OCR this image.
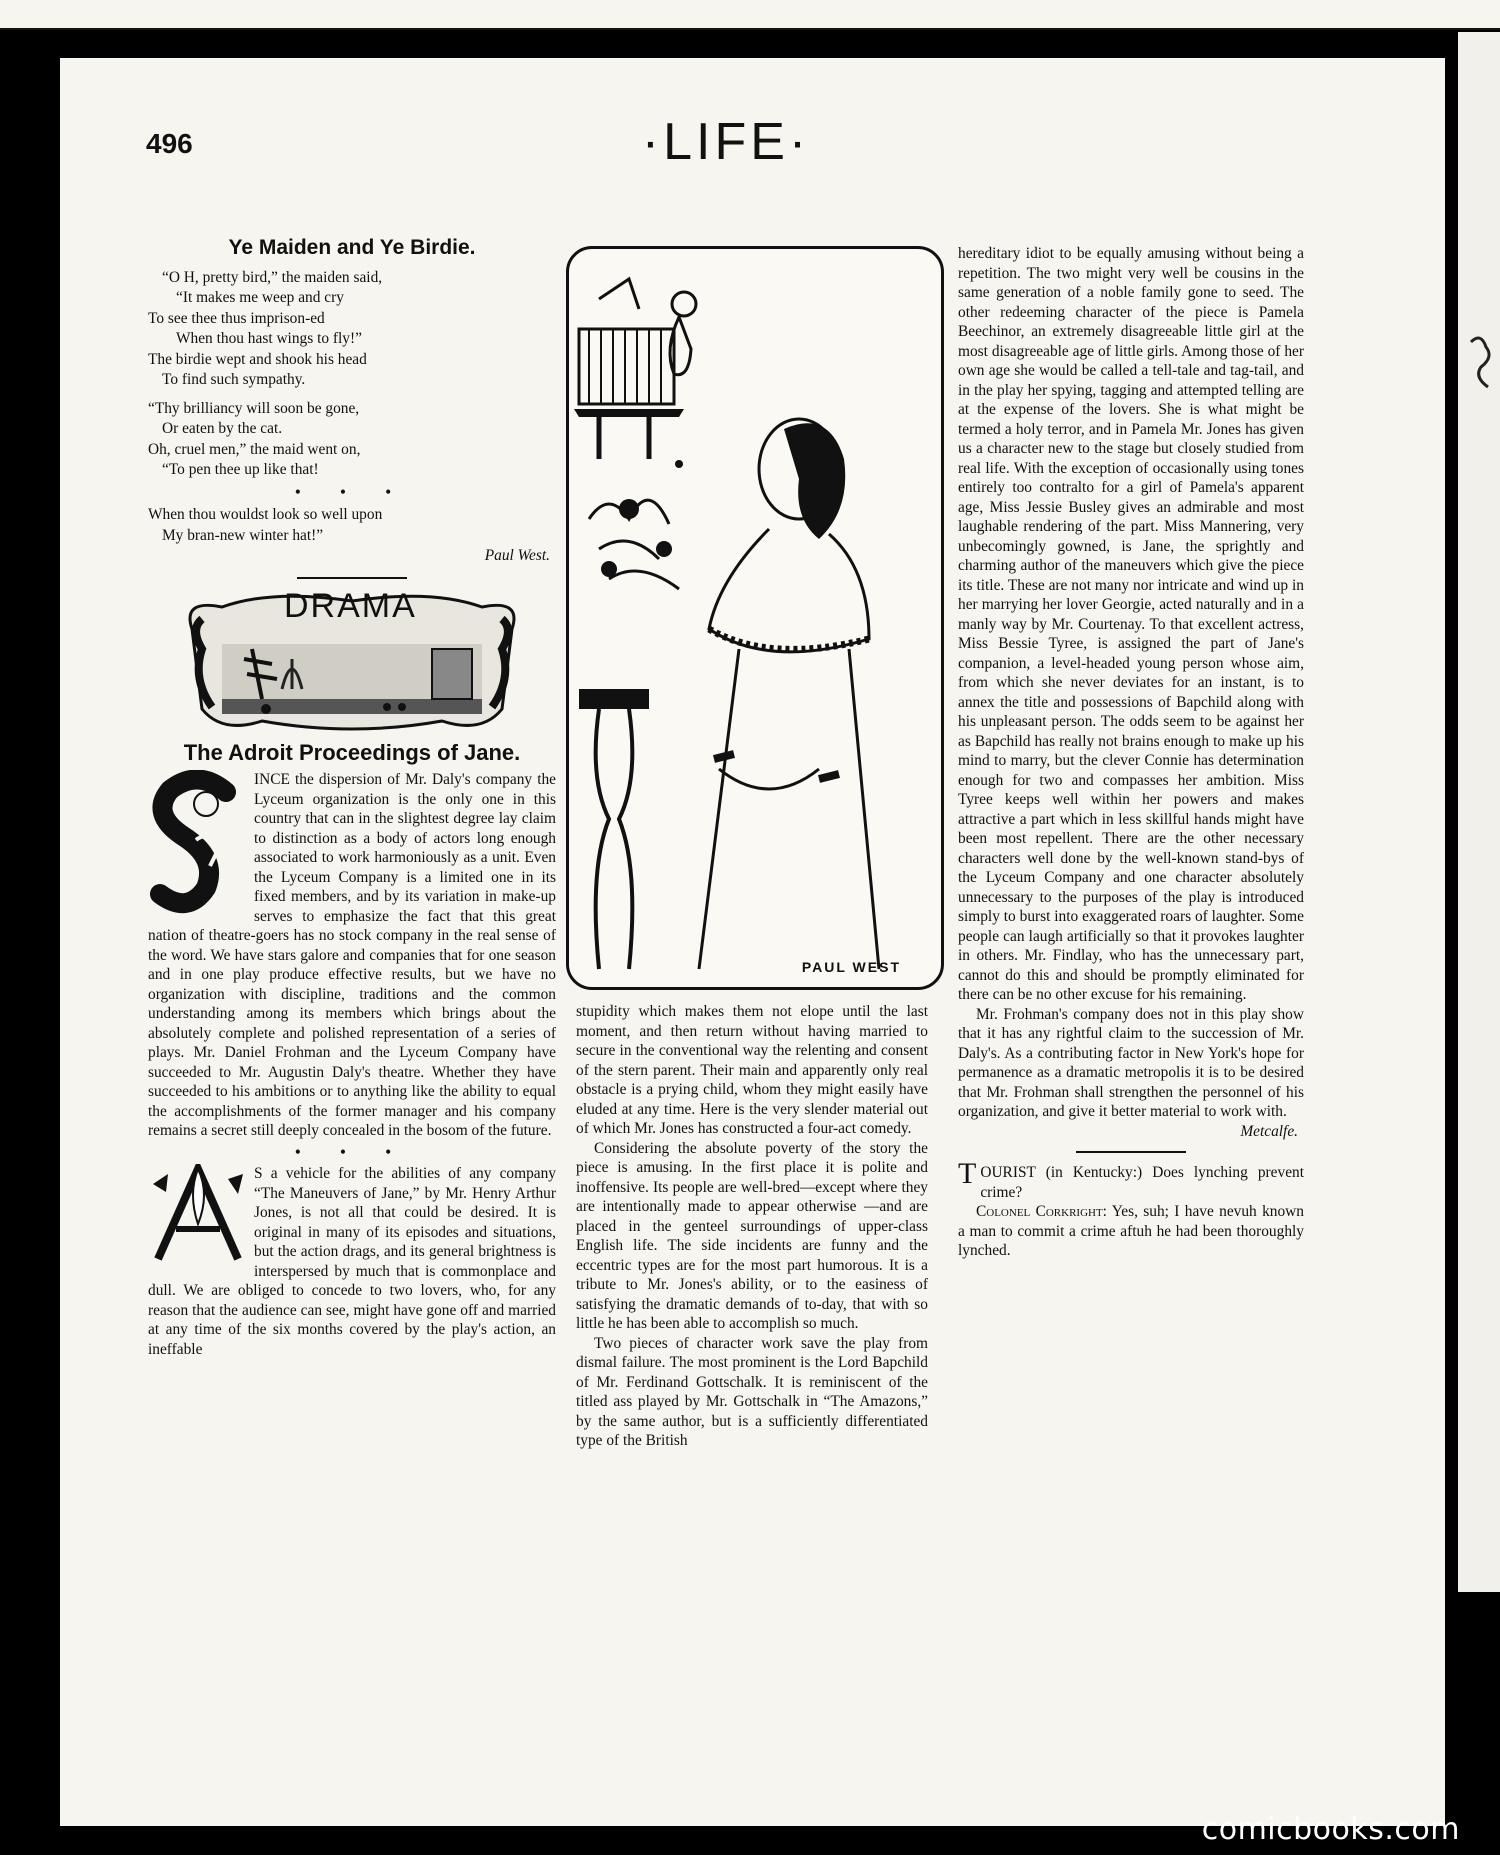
496	·LIFE·
Ye Maiden and Ye Birdie.
“O H, pretty bird,” the maiden said,
“It makes me weep and cry
To see thee thus imprison-ed
When thou hast wings to fly!”
The birdie wept and shook his head
To find such sympathy.
“Thy brilliancy will soon be gone,
Or eaten by the cat.
Oh, cruel men,” the maid went on,
“To pen thee up like that!
• • •
When thou wouldst look so well upon
My bran-new winter hat!”
Paul West.
DRAMA
The Adroit Proceedings of Jane.

INCE the dispersion of Mr. Daly's company the Lyceum organization is the only one in this country that can in the slightest degree lay claim to distinction as a body of actors long enough associated to work harmoniously as a unit. Even the Lyceum Company is a limited one in its fixed members, and by its variation in make-up serves to emphasize the fact that this great nation of theatre-goers has no stock company in the real sense of the word. We have stars galore and companies that for one season and in one play produce effective results, but we have no organization with discipline, traditions and the common understanding among its members which brings about the absolutely complete and polished representation of a series of plays. Mr. Daniel Frohman and the Lyceum Company have succeeded to Mr. Augustin Daly's theatre. Whether they have succeeded to his ambitions or to anything like the ability to equal the accomplishments of the former manager and his company remains a secret still deeply concealed in the bosom of the future.

• • •

S a vehicle for the abilities of any company “The Maneuvers of Jane,” by Mr. Henry Arthur Jones, is not all that could be desired. It is original in many of its episodes and situations, but the action drags, and its general brightness is interspersed by much that is commonplace and dull. We are obliged to concede to two lovers, who, for any reason that the audience can see, might have gone off and married at any time of the six months covered by the play's action, an ineffable

PAUL WEST

stupidity which makes them not elope until the last moment, and then return without having married to secure in the conventional way the relenting and consent of the stern parent. Their main and apparently only real obstacle is a prying child, whom they might easily have eluded at any time. Here is the very slender material out of which Mr. Jones has constructed a four-act comedy.

Considering the absolute poverty of the story the piece is amusing. In the first place it is polite and inoffensive. Its people are well-bred—except where they are intentionally made to appear otherwise —and are placed in the genteel surroundings of upper-class English life. The side incidents are funny and the eccentric types are for the most part humorous. It is a tribute to Mr. Jones's ability, or to the easiness of satisfying the dramatic demands of to-day, that with so little he has been able to accomplish so much.

Two pieces of character work save the play from dismal failure. The most prominent is the Lord Bapchild of Mr. Ferdinand Gottschalk. It is reminiscent of the titled ass played by Mr. Gottschalk in “The Amazons,” by the same author, but is a sufficiently differentiated type of the British

hereditary idiot to be equally amusing without being a repetition. The two might very well be cousins in the same generation of a noble family gone to seed. The other redeeming character of the piece is Pamela Beechinor, an extremely disagreeable little girl at the most disagreeable age of little girls. Among those of her own age she would be called a tell-tale and tag-tail, and in the play her spying, tagging and attempted telling are at the expense of the lovers. She is what might be termed a holy terror, and in Pamela Mr. Jones has given us a character new to the stage but closely studied from real life. With the exception of occasionally using tones entirely too contralto for a girl of Pamela's apparent age, Miss Jessie Busley gives an admirable and most laughable rendering of the part. Miss Mannering, very unbecomingly gowned, is Jane, the sprightly and charming author of the maneuvers which give the piece its title. These are not many nor intricate and wind up in her marrying her lover Georgie, acted naturally and in a manly way by Mr. Courtenay. To that excellent actress, Miss Bessie Tyree, is assigned the part of Jane's companion, a level-headed young person whose aim, from which she never deviates for an instant, is to annex the title and possessions of Bapchild along with his unpleasant person. The odds seem to be against her as Bapchild has really not brains enough to make up his mind to marry, but the clever Connie has determination enough for two and compasses her ambition. Miss Tyree keeps well within her powers and makes attractive a part which in less skillful hands might have been most repellent. There are the other necessary characters well done by the well-known stand-bys of the Lyceum Company and one character absolutely unnecessary to the purposes of the play is introduced simply to burst into exaggerated roars of laughter. Some people can laugh artificially so that it provokes laughter in others. Mr. Findlay, who has the unnecessary part, cannot do this and should be promptly eliminated for there can be no other excuse for his remaining.

Mr. Frohman's company does not in this play show that it has any rightful claim to the succession of Mr. Daly's. As a contributing factor in New York's hope for permanence as a dramatic metropolis it is to be desired that Mr. Frohman shall strengthen the personnel of his organization, and give it better material to work with.

Metcalfe.

TOURIST (in Kentucky:) Does lynching prevent crime?

Colonel Corkright: Yes, suh; I have nevuh known a man to commit a crime aftuh he had been thoroughly lynched.

comicbooks.com
